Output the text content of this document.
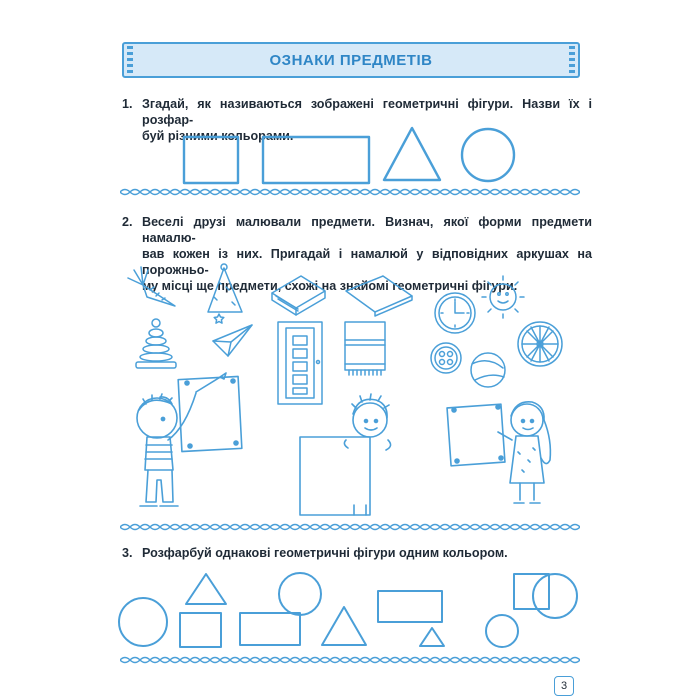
ОЗНАКИ ПРЕДМЕТІВ
1. Згадай, як називаються зображені геометричні фігури. Назви їх і розфар-
буй різними кольорами.
2. Веселі друзі малювали предмети. Визнач, якої форми предмети намалю-
вав кожен із них. Пригадай і намалюй у відповідних аркушах на порожньо-
му місці ще предмети, схожі на знайомі геометричні фігури.
3. Розфарбуй однакові геометричні фігури одним кольором.
3
